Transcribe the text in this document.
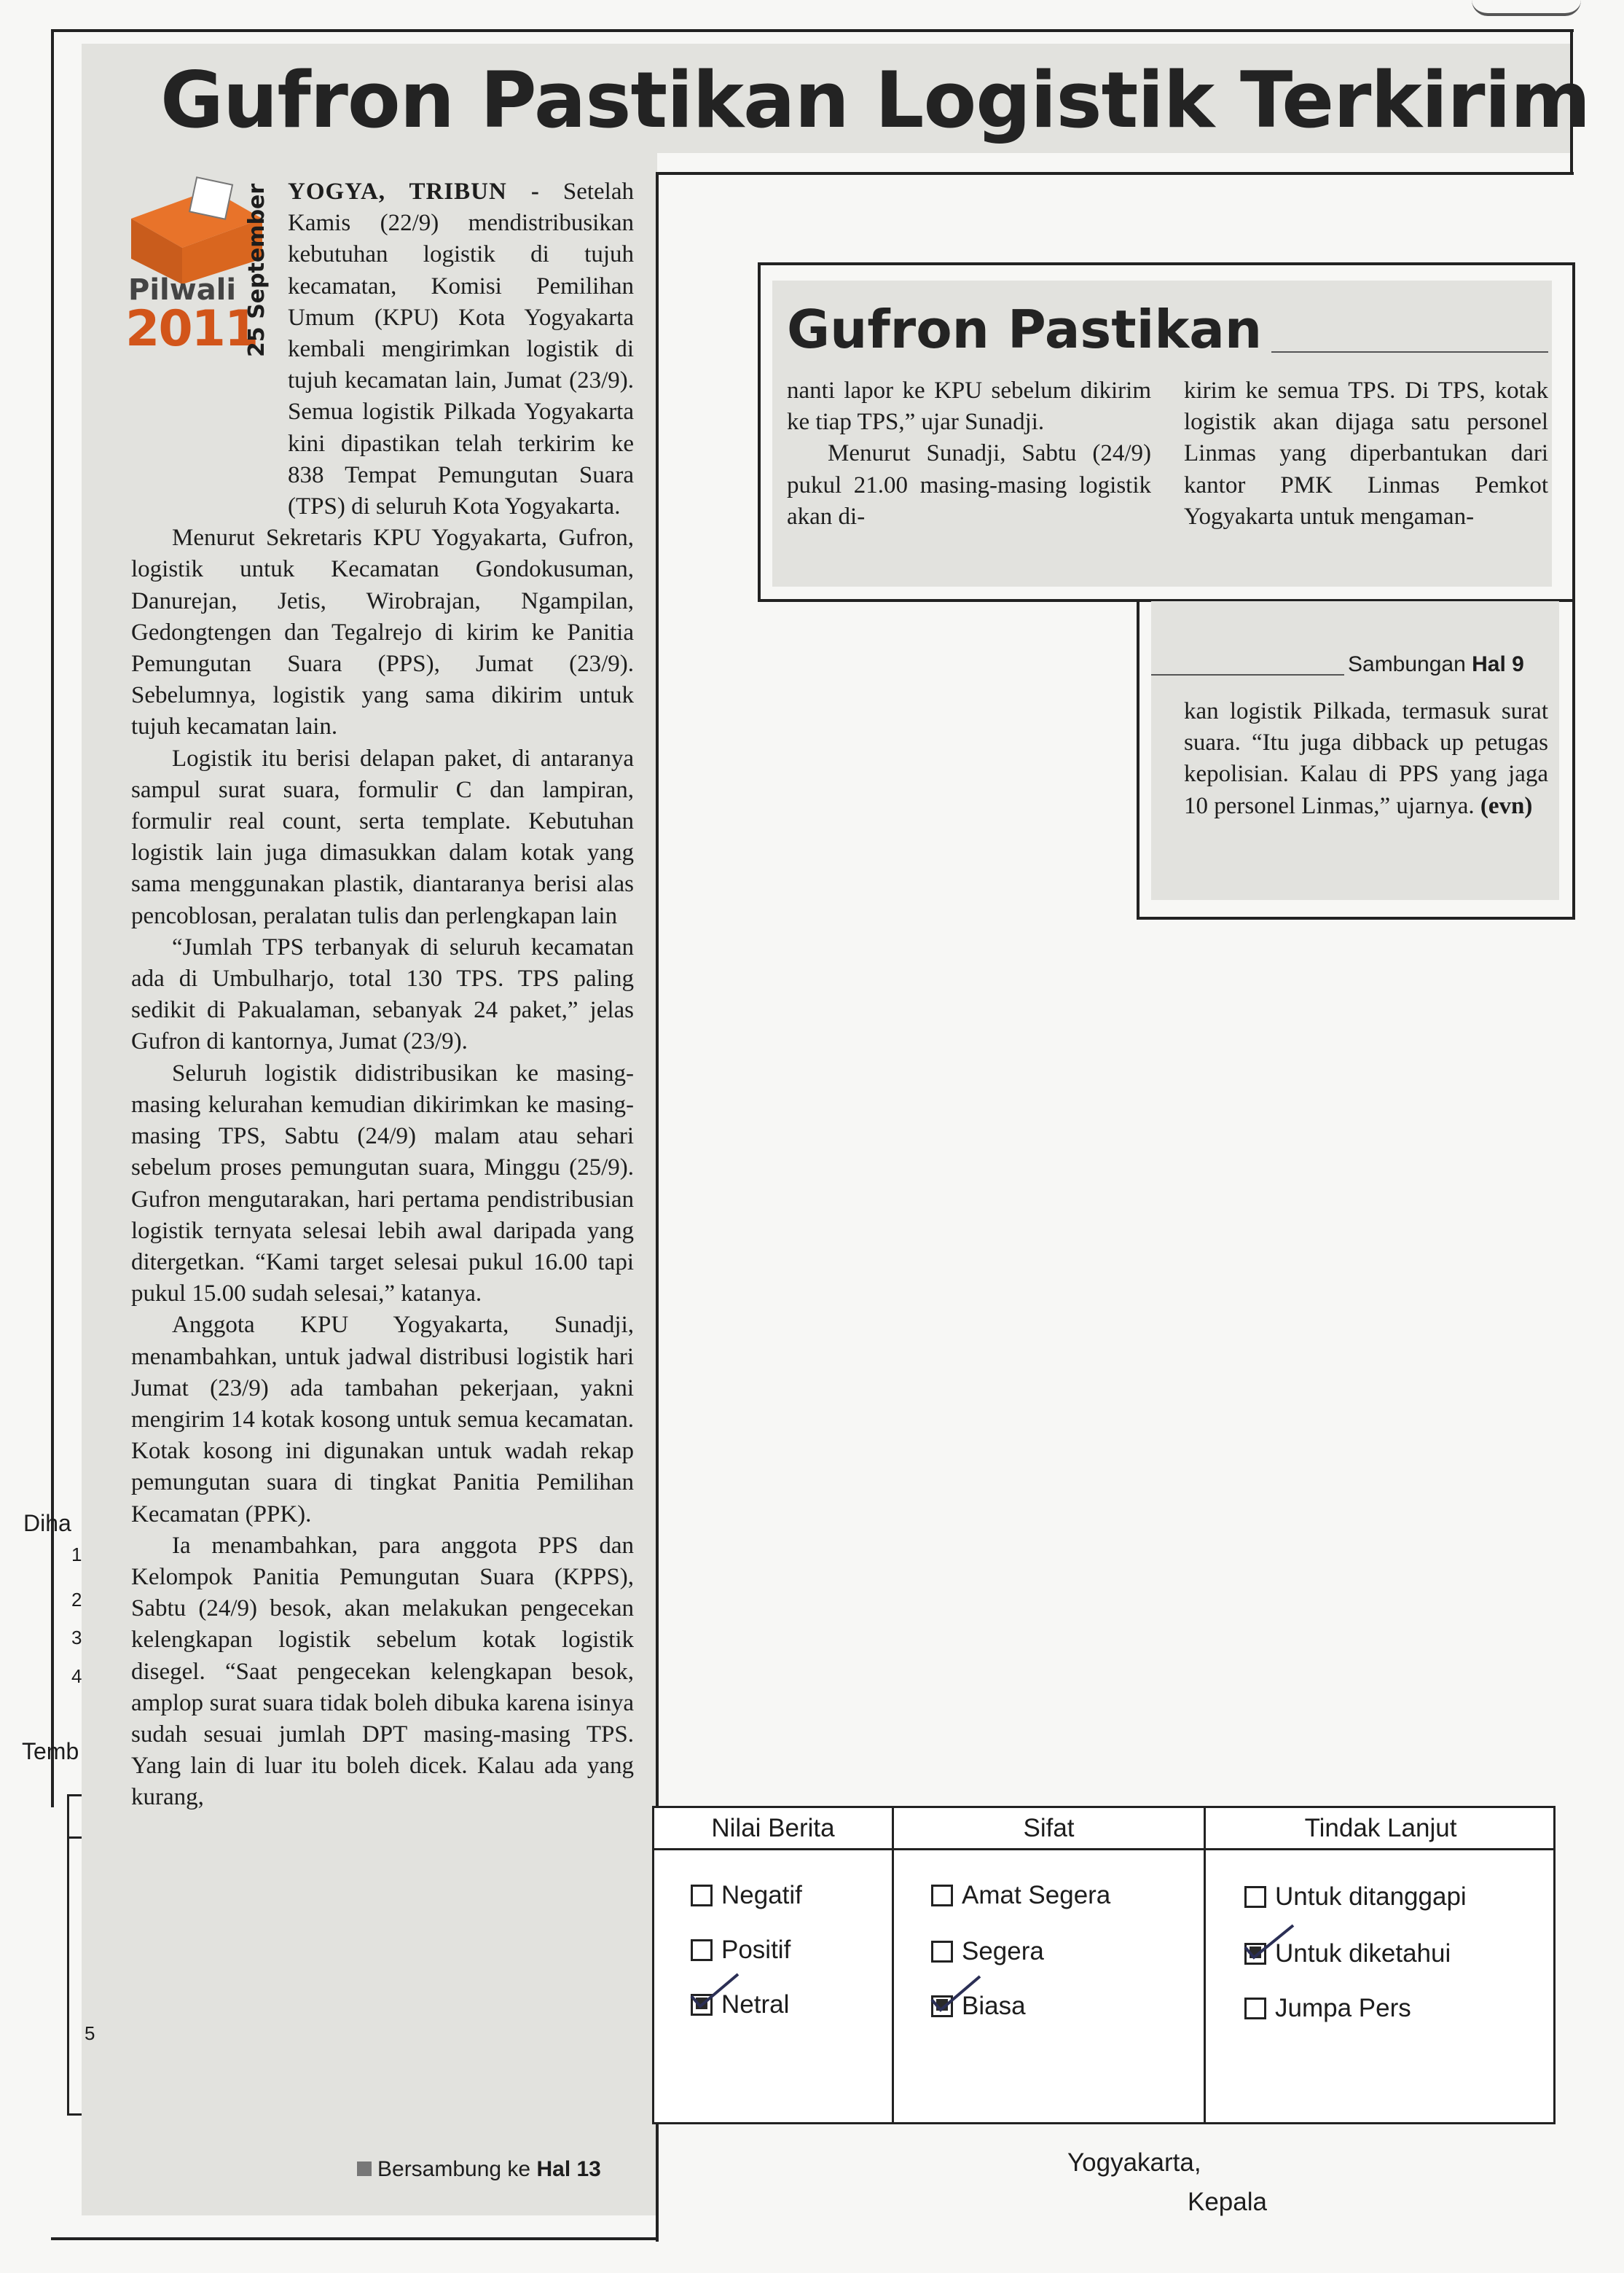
Gufron Pastikan Logistik Terkirim
Pilwali
2011
25 September YOGYA, TRIBUN - Setelah Kamis (22/9) mendistribusikan kebutuhan logistik di tujuh kecamatan, Komisi Pemilihan Umum (KPU) Kota Yogyakarta kembali mengirimkan logistik di tujuh kecamatan lain, Jumat (23/9). Semua logistik Pilkada Yogyakarta kini dipastikan telah terkirim ke 838 Tempat Pemungutan Suara (TPS) di seluruh Kota Yogyakarta.

Menurut Sekretaris KPU Yogyakarta, Gufron, logistik untuk Kecamatan Gondokusuman, Danurejan, Jetis, Wirobrajan, Ngampilan, Gedongtengen dan Tegalrejo di kirim ke Panitia Pemungutan Suara (PPS), Jumat (23/9). Sebelumnya, logistik yang sama dikirim untuk tujuh kecamatan lain.

Logistik itu berisi delapan paket, di antaranya sampul surat suara, formulir C dan lampiran, formulir real count, serta template. Kebutuhan logistik lain juga dimasukkan dalam kotak yang sama menggunakan plastik, diantaranya berisi alas pencoblosan, peralatan tulis dan perlengkapan lain

“Jumlah TPS terbanyak di seluruh kecamatan ada di Umbulharjo, total 130 TPS. TPS paling sedikit di Pakualaman, sebanyak 24 paket,” jelas Gufron di kantornya, Jumat (23/9).

Seluruh logistik didistribusikan ke masing-masing kelurahan kemudian dikirimkan ke masing-masing TPS, Sabtu (24/9) malam atau sehari sebelum proses pemungutan suara, Minggu (25/9). Gufron mengutarakan, hari pertama pendistribusian logistik ternyata selesai lebih awal daripada yang ditergetkan. “Kami target selesai pukul 16.00 tapi pukul 15.00 sudah selesai,” katanya.

Anggota KPU Yogyakarta, Sunadji, menambahkan, untuk jadwal distribusi logistik hari Jumat (23/9) ada tambahan pekerjaan, yakni mengirim 14 kotak kosong untuk semua kecamatan. Kotak kosong ini digunakan untuk wadah rekap pemungutan suara di tingkat Panitia Pemilihan Kecamatan (PPK).

Ia menambahkan, para anggota PPS dan Kelompok Panitia Pemungutan Suara (KPPS), Sabtu (24/9) besok, akan melakukan pengecekan kelengkapan logistik sebelum kotak logistik disegel. “Saat pengecekan kelengkapan besok, amplop surat suara tidak boleh dibuka karena isinya sudah sesuai jumlah DPT masing-masing TPS. Yang lain di luar itu boleh dicek. Kalau ada yang kurang,

Bersambung ke Hal 13
Gufron Pastikan

nanti lapor ke KPU sebelum dikirim ke tiap TPS,” ujar Sunadji.

Menurut Sunadji, Sabtu (24/9) pukul 21.00 masing-masing logistik akan di-

kirim ke semua TPS. Di TPS, kotak logistik akan dijaga satu personel Linmas yang diperbantukan dari kantor PMK Linmas Pemkot Yogyakarta untuk mengaman-

Sambungan Hal 9

kan logistik Pilkada, termasuk surat suara. “Itu juga dibback up petugas kepolisian. Kalau di PPS yang jaga 10 personel Linmas,” ujarnya. (evn)

Diha
1
2
3
4
Temb
5
Nilai Berita	Sifat	Tindak Lanjut
Negatif
Positif
Netral
Amat Segera
Segera
Biasa
Untuk ditanggapi
Untuk diketahui
Jumpa Pers
Yogyakarta,
Kepala
